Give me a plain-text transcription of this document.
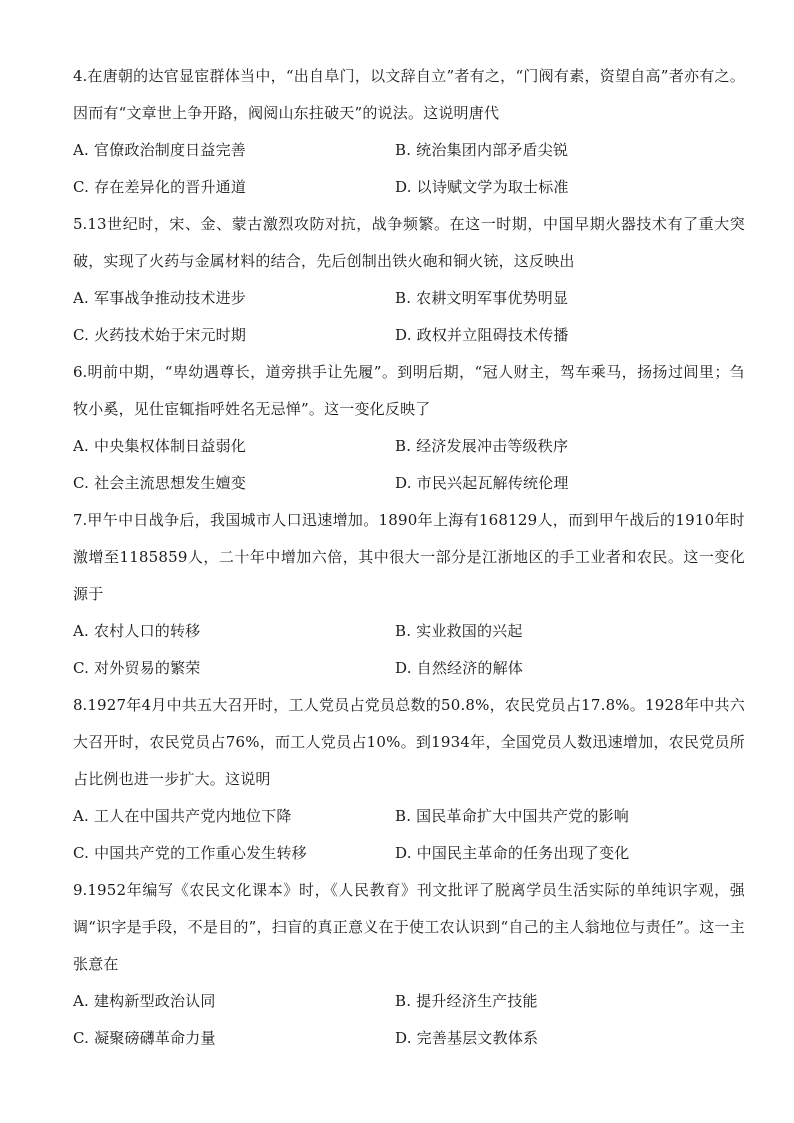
4.在唐朝的达官显宦群体当中，“出自阜门，以文辞自立”者有之，“门阀有素，资望自高”者亦有之。因而有“文章世上争开路，阀阅山东拄破天”的说法。这说明唐代

A. 官僚政治制度日益完善	B. 统治集团内部矛盾尖锐
C. 存在差异化的晋升通道	D. 以诗赋文学为取士标准

5.13世纪时，宋、金、蒙古激烈攻防对抗，战争频繁。在这一时期，中国早期火器技术有了重大突破，实现了火药与金属材料的结合，先后创制出铁火砲和铜火铳，这反映出

A. 军事战争推动技术进步	B. 农耕文明军事优势明显
C. 火药技术始于宋元时期	D. 政权并立阻碍技术传播

6.明前中期，“卑幼遇尊长，道旁拱手让先履”。到明后期，“冠人财主，驾车乘马，扬扬过闾里；刍牧小奚，见仕宦辄指呼姓名无忌惮”。这一变化反映了

A. 中央集权体制日益弱化	B. 经济发展冲击等级秩序
C. 社会主流思想发生嬗变	D. 市民兴起瓦解传统伦理

7.甲午中日战争后，我国城市人口迅速增加。1890年上海有168129人，而到甲午战后的1910年时激增至1185859人，二十年中增加六倍，其中很大一部分是江浙地区的手工业者和农民。这一变化源于

A. 农村人口的转移	B. 实业救国的兴起
C. 对外贸易的繁荣	D. 自然经济的解体

8.1927年4月中共五大召开时，工人党员占党员总数的50.8%，农民党员占17.8%。1928年中共六大召开时，农民党员占76%，而工人党员占10%。到1934年，全国党员人数迅速增加，农民党员所占比例也进一步扩大。这说明

A. 工人在中国共产党内地位下降	B. 国民革命扩大中国共产党的影响
C. 中国共产党的工作重心发生转移	D. 中国民主革命的任务出现了变化

9.1952年编写《农民文化课本》时，《人民教育》刊文批评了脱离学员生活实际的单纯识字观，强调“识字是手段，不是目的”，扫盲的真正意义在于使工农认识到“自己的主人翁地位与责任”。这一主张意在

A. 建构新型政治认同	B. 提升经济生产技能
C. 凝聚磅礴革命力量	D. 完善基层文教体系
